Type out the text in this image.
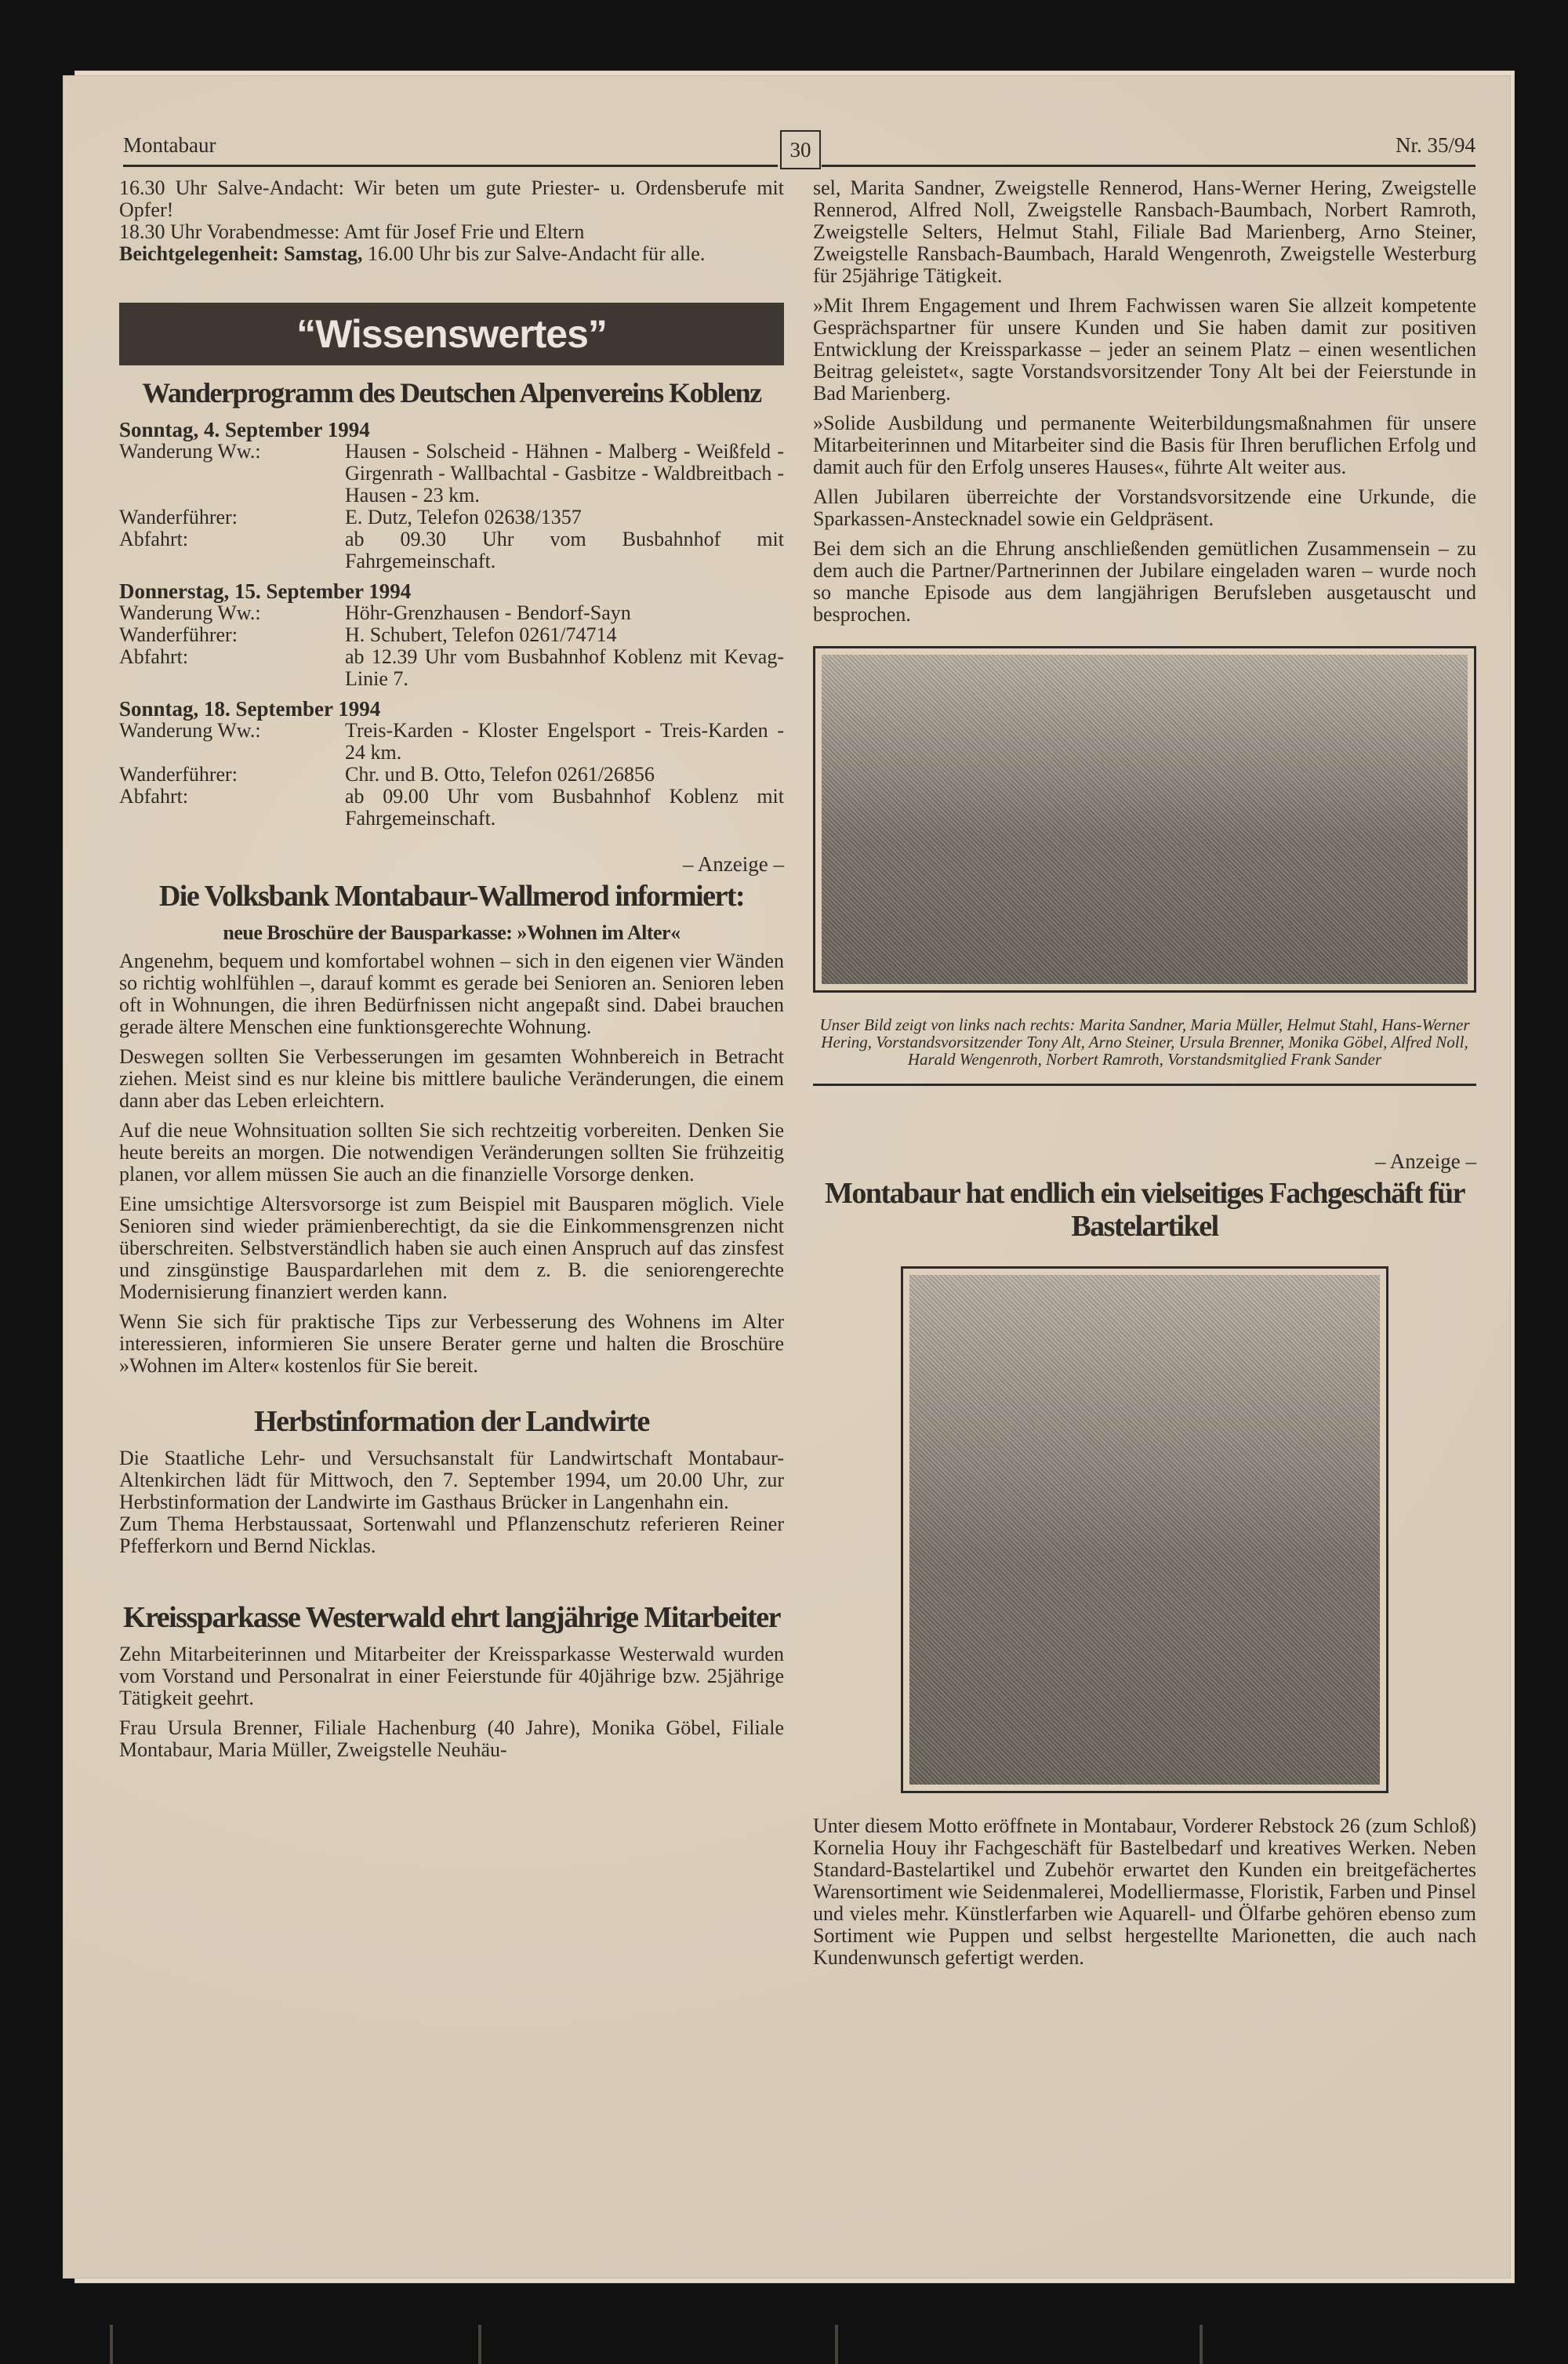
Montabaur	30	Nr. 35/94

16.30 Uhr Salve-Andacht: Wir beten um gute Priester- u. Ordensberufe mit Opfer!

18.30 Uhr Vorabendmesse: Amt für Josef Frie und Eltern

Beichtgelegenheit: Samstag, 16.00 Uhr bis zur Salve-Andacht für alle.

“Wissenswertes”
Wanderprogramm des Deutschen Alpenvereins Koblenz
Sonntag, 4. September 1994
Wanderung Ww.:	Hausen - Solscheid - Hähnen - Malberg - Weißfeld - Girgenrath - Wallbachtal - Gasbitze - Waldbreitbach - Hausen - 23 km.
Wanderführer:	E. Dutz, Telefon 02638/1357
Abfahrt:	ab 09.30 Uhr vom Busbahnhof mit Fahrgemeinschaft.
Donnerstag, 15. September 1994
Wanderung Ww.:	Höhr-Grenzhausen - Bendorf-Sayn
Wanderführer:	H. Schubert, Telefon 0261/74714
Abfahrt:	ab 12.39 Uhr vom Busbahnhof Koblenz mit Kevag-Linie 7.
Sonntag, 18. September 1994
Wanderung Ww.:	Treis-Karden - Kloster Engelsport - Treis-Karden - 24 km.
Wanderführer:	Chr. und B. Otto, Telefon 0261/26856
Abfahrt:	ab 09.00 Uhr vom Busbahnhof Koblenz mit Fahrgemeinschaft.
– Anzeige –
Die Volksbank Montabaur-Wallmerod informiert:
neue Broschüre der Bausparkasse: »Wohnen im Alter«

Angenehm, bequem und komfortabel wohnen – sich in den eigenen vier Wänden so richtig wohlfühlen –, darauf kommt es gerade bei Senioren an. Senioren leben oft in Wohnungen, die ihren Bedürfnissen nicht angepaßt sind. Dabei brauchen gerade ältere Menschen eine funktionsgerechte Wohnung.

Deswegen sollten Sie Verbesserungen im gesamten Wohnbereich in Betracht ziehen. Meist sind es nur kleine bis mittlere bauliche Veränderungen, die einem dann aber das Leben erleichtern.

Auf die neue Wohnsituation sollten Sie sich rechtzeitig vorbereiten. Denken Sie heute bereits an morgen. Die notwendigen Veränderungen sollten Sie frühzeitig planen, vor allem müssen Sie auch an die finanzielle Vorsorge denken.

Eine umsichtige Altersvorsorge ist zum Beispiel mit Bausparen möglich. Viele Senioren sind wieder prämienberechtigt, da sie die Einkommensgrenzen nicht überschreiten. Selbstverständlich haben sie auch einen Anspruch auf das zinsfest und zinsgünstige Bauspardarlehen mit dem z. B. die seniorengerechte Modernisierung finanziert werden kann.

Wenn Sie sich für praktische Tips zur Verbesserung des Wohnens im Alter interessieren, informieren Sie unsere Berater gerne und halten die Broschüre »Wohnen im Alter« kostenlos für Sie bereit.

Herbstinformation der Landwirte

Die Staatliche Lehr- und Versuchsanstalt für Landwirtschaft Montabaur-Altenkirchen lädt für Mittwoch, den 7. September 1994, um 20.00 Uhr, zur Herbstinformation der Landwirte im Gasthaus Brücker in Langenhahn ein.

Zum Thema Herbstaussaat, Sortenwahl und Pflanzenschutz referieren Reiner Pfefferkorn und Bernd Nicklas.

Kreissparkasse Westerwald ehrt langjährige Mitarbeiter

Zehn Mitarbeiterinnen und Mitarbeiter der Kreissparkasse Westerwald wurden vom Vorstand und Personalrat in einer Feierstunde für 40jährige bzw. 25jährige Tätigkeit geehrt.

Frau Ursula Brenner, Filiale Hachenburg (40 Jahre), Monika Göbel, Filiale Montabaur, Maria Müller, Zweigstelle Neuhäu-

sel, Marita Sandner, Zweigstelle Rennerod, Hans-Werner Hering, Zweigstelle Rennerod, Alfred Noll, Zweigstelle Ransbach-Baumbach, Norbert Ramroth, Zweigstelle Selters, Helmut Stahl, Filiale Bad Marienberg, Arno Steiner, Zweigstelle Ransbach-Baumbach, Harald Wengenroth, Zweigstelle Westerburg für 25jährige Tätigkeit.

»Mit Ihrem Engagement und Ihrem Fachwissen waren Sie allzeit kompetente Gesprächspartner für unsere Kunden und Sie haben damit zur positiven Entwicklung der Kreissparkasse – jeder an seinem Platz – einen wesentlichen Beitrag geleistet«, sagte Vorstandsvorsitzender Tony Alt bei der Feierstunde in Bad Marienberg.

»Solide Ausbildung und permanente Weiterbildungsmaßnahmen für unsere Mitarbeiterinnen und Mitarbeiter sind die Basis für Ihren beruflichen Erfolg und damit auch für den Erfolg unseres Hauses«, führte Alt weiter aus.

Allen Jubilaren überreichte der Vorstandsvorsitzende eine Urkunde, die Sparkassen-Anstecknadel sowie ein Geldpräsent.

Bei dem sich an die Ehrung anschließenden gemütlichen Zusammensein – zu dem auch die Partner/Partnerinnen der Jubilare eingeladen waren – wurde noch so manche Episode aus dem langjährigen Berufsleben ausgetauscht und besprochen.

Unser Bild zeigt von links nach rechts: Marita Sandner, Maria Müller, Helmut Stahl, Hans-Werner Hering, Vorstandsvorsitzender Tony Alt, Arno Steiner, Ursula Brenner, Monika Göbel, Alfred Noll, Harald Wengenroth, Norbert Ramroth, Vorstandsmitglied Frank Sander
– Anzeige –
Montabaur hat endlich ein vielseitiges Fachgeschäft für Bastelartikel

Unter diesem Motto eröffnete in Montabaur, Vorderer Rebstock 26 (zum Schloß) Kornelia Houy ihr Fachgeschäft für Bastelbedarf und kreatives Werken. Neben Standard-Bastelartikel und Zubehör erwartet den Kunden ein breitgefächertes Warensortiment wie Seidenmalerei, Modelliermasse, Floristik, Farben und Pinsel und vieles mehr. Künstlerfarben wie Aquarell- und Ölfarbe gehören ebenso zum Sortiment wie Puppen und selbst hergestellte Marionetten, die auch nach Kundenwunsch gefertigt werden.
